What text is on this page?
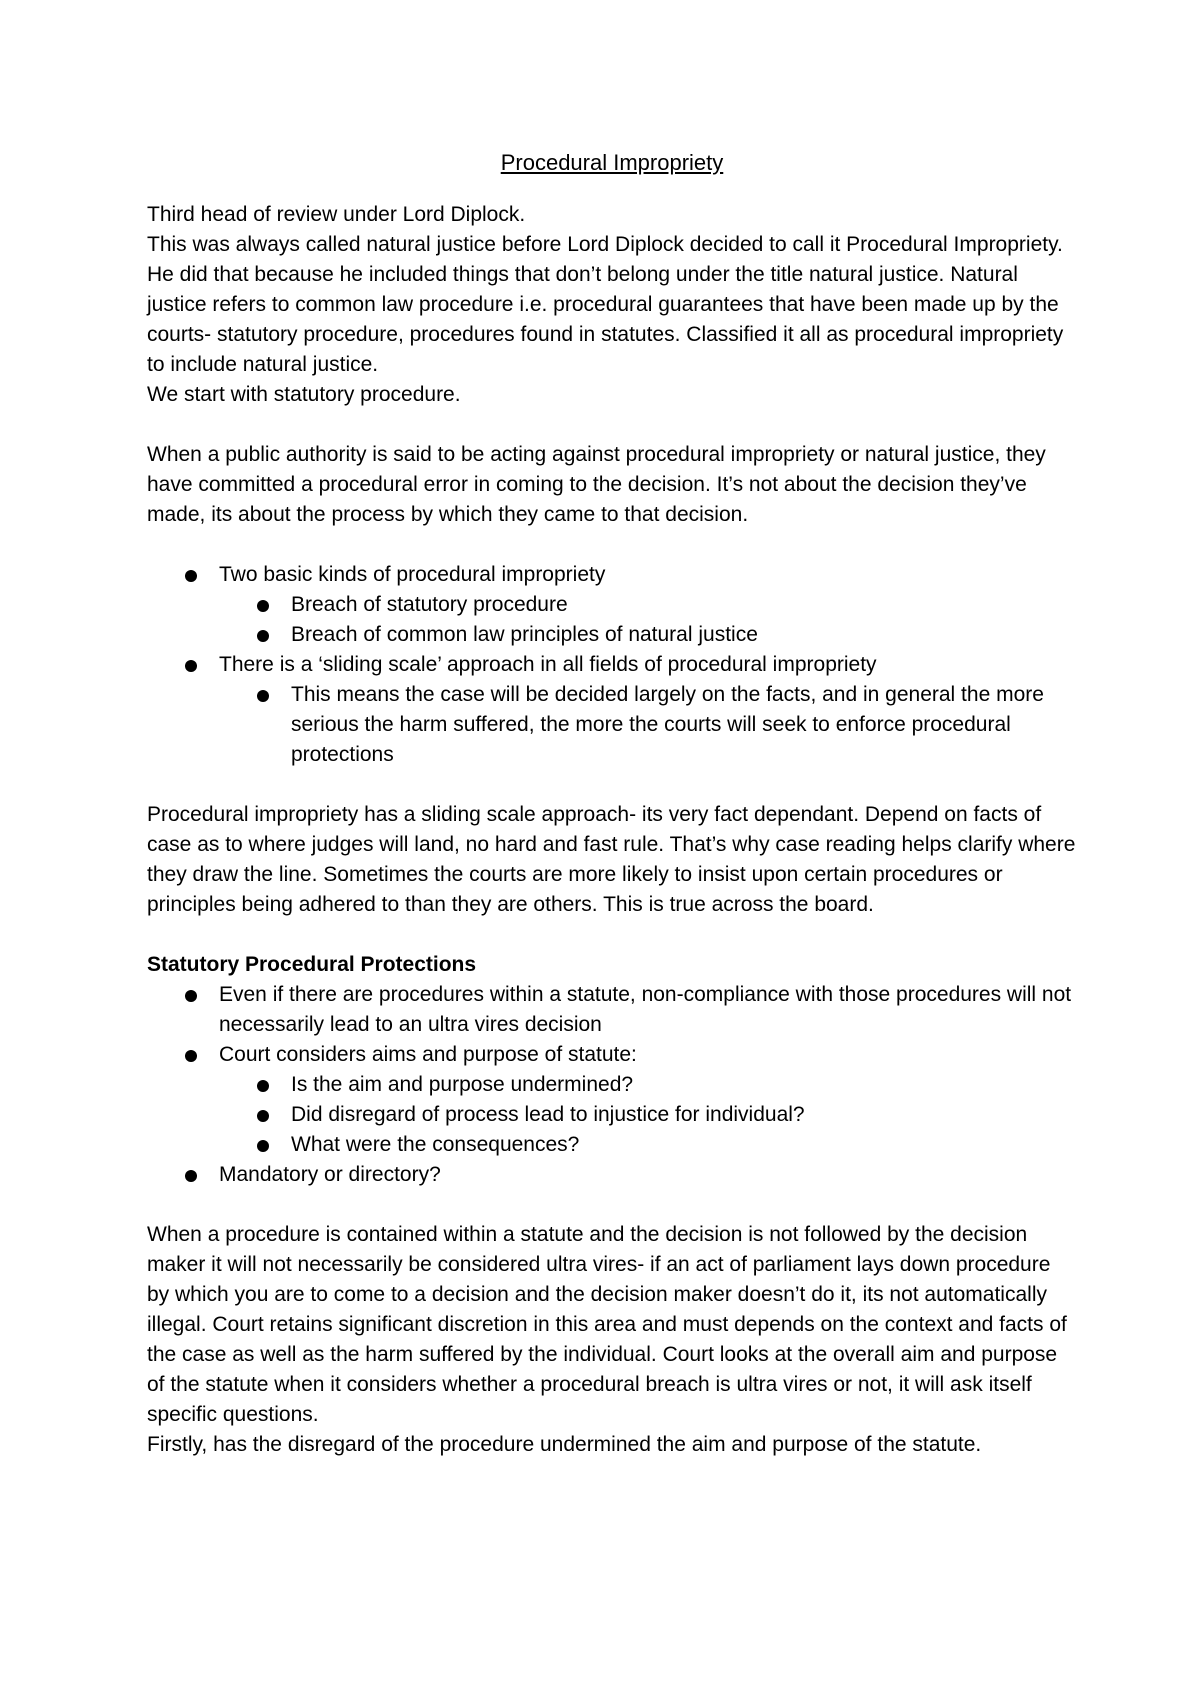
Procedural Impropriety

Third head of review under Lord Diplock.

This was always called natural justice before Lord Diplock decided to call it Procedural Impropriety. He did that because he included things that don’t belong under the title natural justice. Natural justice refers to common law procedure i.e. procedural guarantees that have been made up by the courts- statutory procedure, procedures found in statutes. Classified it all as procedural impropriety to include natural justice.

We start with statutory procedure.

When a public authority is said to be acting against procedural impropriety or natural justice, they have committed a procedural error in coming to the decision. It’s not about the decision they’ve made, its about the process by which they came to that decision.

Two basic kinds of procedural impropriety
Breach of statutory procedure
Breach of common law principles of natural justice
There is a ‘sliding scale’ approach in all fields of procedural impropriety
This means the case will be decided largely on the facts, and in general the more serious the harm suffered, the more the courts will seek to enforce procedural protections

Procedural impropriety has a sliding scale approach- its very fact dependant. Depend on facts of case as to where judges will land, no hard and fast rule. That’s why case reading helps clarify where they draw the line. Sometimes the courts are more likely to insist upon certain procedures or principles being adhered to than they are others. This is true across the board.

Statutory Procedural Protections

Even if there are procedures within a statute, non-compliance with those procedures will not necessarily lead to an ultra vires decision
Court considers aims and purpose of statute:
Is the aim and purpose undermined?
Did disregard of process lead to injustice for individual?
What were the consequences?
Mandatory or directory?

When a procedure is contained within a statute and the decision is not followed by the decision maker it will not necessarily be considered ultra vires- if an act of parliament lays down procedure by which you are to come to a decision and the decision maker doesn’t do it, its not automatically illegal. Court retains significant discretion in this area and must depends on the context and facts of the case as well as the harm suffered by the individual. Court looks at the overall aim and purpose of the statute when it considers whether a procedural breach is ultra vires or not, it will ask itself specific questions.

Firstly, has the disregard of the procedure undermined the aim and purpose of the statute.
